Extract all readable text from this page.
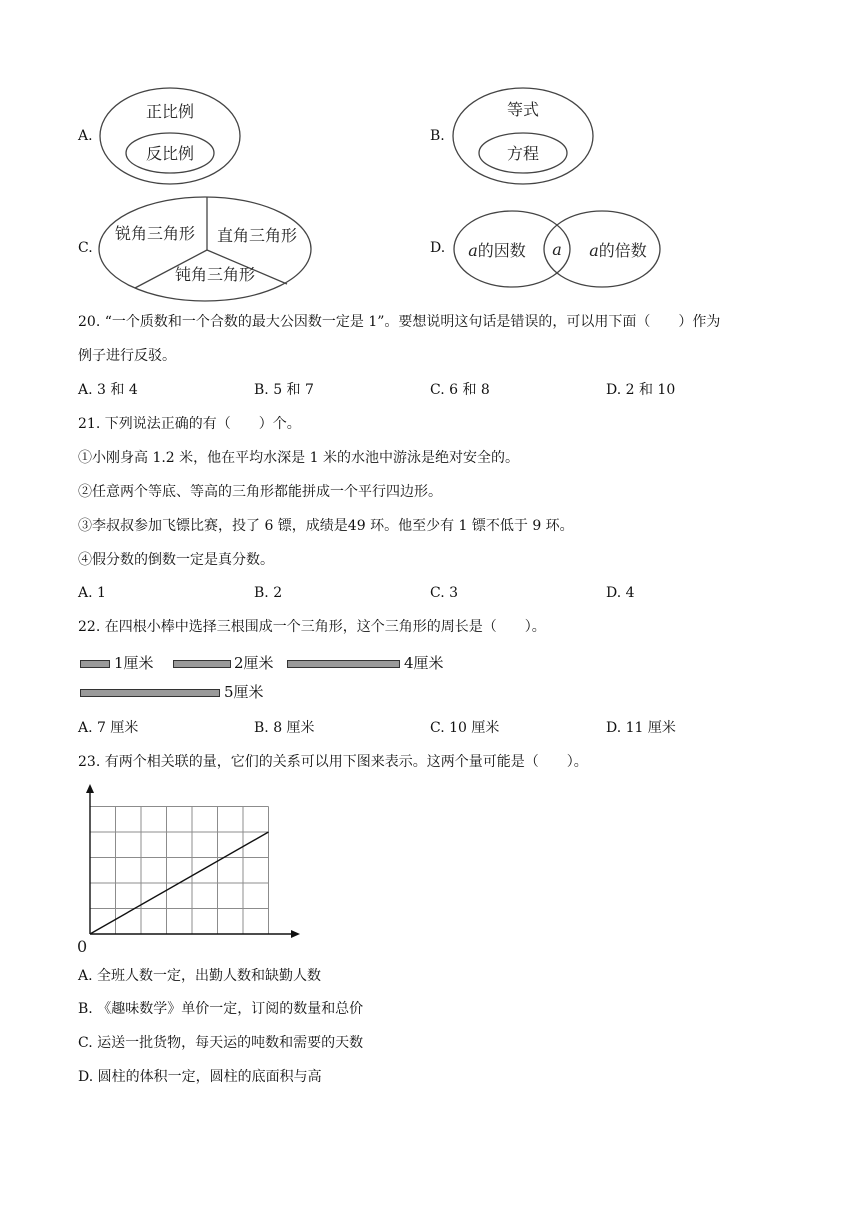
A.
正比例
反比例
B.
等式
方程
C.
锐角三角形 直角三角形
钝角三角形
D. a的因数 a a的倍数
20. “一个质数和一个合数的最大公因数一定是 1”。要想说明这句话是错误的，可以用下面（　　）作为
例子进行反驳。
A. 3 和 4	B. 5 和 7	C. 6 和 8	D. 2 和 10
21. 下列说法正确的有（　　）个。
①小刚身高 1.2 米，他在平均水深是 1 米的水池中游泳是绝对安全的。
②任意两个等底、等高的三角形都能拼成一个平行四边形。
③李叔叔参加飞镖比赛，投了 6 镖，成绩是49 环。他至少有 1 镖不低于 9 环。
④假分数的倒数一定是真分数。
A. 1	B. 2	C. 3	D. 4
22. 在四根小棒中选择三根围成一个三角形，这个三角形的周长是（　　）。
1厘米	2厘米	4厘米
5厘米
A. 7 厘米	B. 8 厘米	C. 10 厘米	D. 11 厘米
23. 有两个相关联的量，它们的关系可以用下图来表示。这两个量可能是（　　）。
0
A. 全班人数一定，出勤人数和缺勤人数
B. 《趣味数学》单价一定，订阅的数量和总价
C. 运送一批货物，每天运的吨数和需要的天数
D. 圆柱的体积一定，圆柱的底面积与高
